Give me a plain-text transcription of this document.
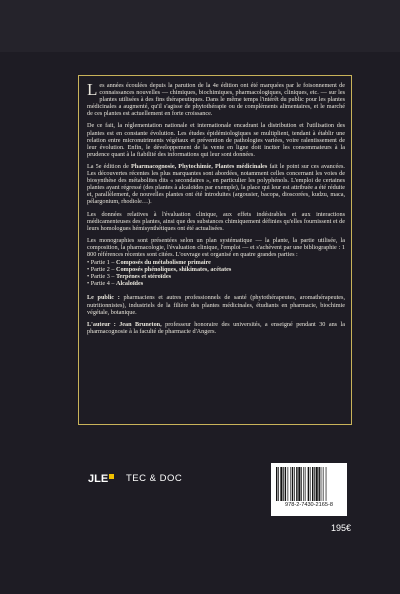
Les années écoulées depuis la parution de la 4e édition ont été marquées par le foisonnement de connaissances nouvelles — chimiques, biochimiques, pharmacologiques, cliniques, etc. — sur les plantes utilisées à des fins thérapeutiques. Dans le même temps l'intérêt du public pour les plantes médicinales a augmenté, qu'il s'agisse de phytothérapie ou de compléments alimentaires, et le marché de ces plantes est actuellement en forte croissance.

De ce fait, la réglementation nationale et internationale encadrant la distribution et l'utilisation des plantes est en constante évolution. Les études épidémiologiques se multiplient, tendant à établir une relation entre micronutriments végétaux et prévention de pathologies variées, voire ralentissement de leur évolution. Enfin, le développement de la vente en ligne doit inciter les consommateurs à la prudence quant à la fiabilité des informations qui leur sont données.

La 5e édition de Pharmacognosie, Phytochimie, Plantes médicinales fait le point sur ces avancées. Les découvertes récentes les plus marquantes sont abordées, notamment celles concernant les voies de biosynthèse des métabolites dits « secondaires », en particulier les polyphénols. L'emploi de certaines plantes ayant régressé (des plantes à alcaloïdes par exemple), la place qui leur est attribuée a été réduite et, parallèlement, de nouvelles plantes ont été introduites (argousier, bacopa, dioscorées, kudzu, maca, pélargonium, rhodiole…).

Les données relatives à l'évaluation clinique, aux effets indésirables et aux interactions médicamenteuses des plantes, ainsi que des substances chimiquement définies qu'elles fournissent et de leurs homologues hémisynthétiques ont été actualisées.

Les monographies sont présentées selon un plan systématique — la plante, la partie utilisée, la composition, la pharmacologie, l'évaluation clinique, l'emploi — et s'achèvent par une bibliographie : 1 800 références récentes sont citées. L'ouvrage est organisé en quatre grandes parties :

• Partie 1 – Composés du métabolisme primaire
• Partie 2 – Composés phénoliques, shikimates, acétates
• Partie 3 – Terpènes et stéroïdes
• Partie 4 – Alcaloïdes

Le public : pharmaciens et autres professionnels de santé (phytothérapeutes, aromathérapeutes, nutritionnistes), industriels de la filière des plantes médicinales, étudiants en pharmacie, biochimie végétale, botanique.

L'auteur : Jean Bruneton, professeur honoraire des universités, a enseigné pendant 30 ans la pharmacognosie à la faculté de pharmacie d'Angers.

JLE	TEC & DOC
978-2-7430-2165-8
195€
